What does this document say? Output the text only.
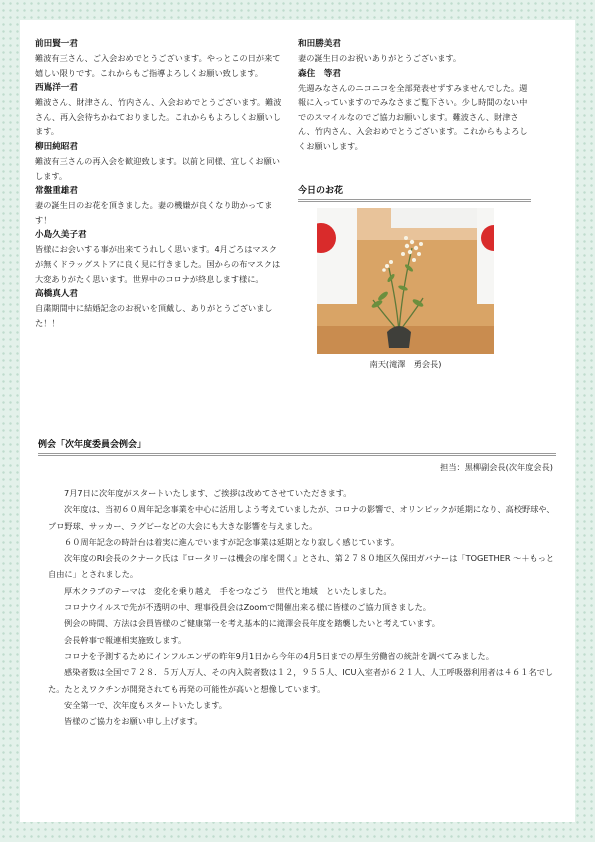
前田賢一君

難波有三さん、ご入会おめでとうございます。やっとこの日が来て嬉しい限りです。これからもご指導よろしくお願い致します。

西嶌洋一君

難波さん、財津さん、竹内さん、入会おめでとうございます。難波さん、再入会待ちかねておりました。これからもよろしくお願いします。

柳田純昭君

難波有三さんの再入会を歓迎致します。以前と同様、宜しくお願いします。

常盤重雄君

妻の誕生日のお花を頂きました。妻の機嫌が良くなり助かってます！

小島久美子君

皆様にお会いする事が出来てうれしく思います。4月ごろはマスクが無くドラッグストアに良く見に行きました。国からの布マスクは大変ありがたく思います。世界中のコロナが終息します様に。

高橋真人君

自粛期間中に結婚記念のお祝いを頂戴し、ありがとうございました！！

和田勝美君

妻の誕生日のお祝いありがとうございます。

森住　等君

先週みなさんのニコニコを全部発表せずすみませんでした。週報に入っていますのでみなさまご覧下さい。少し時間のない中でのスマイルなのでご協力お願いします。難波さん、財津さん、竹内さん、入会おめでとうございます。これからもよろしくお願いします。

今日のお花
南天(滝澤　勇会長)
例会「次年度委員会例会」
担当：黒柳副会長(次年度会長)

7月7日に次年度がスタートいたします、ご挨拶は改めてさせていただきます。

次年度は、当初６０周年記念事業を中心に活用しよう考えていましたが、コロナの影響で、オリンピックが延期になり、高校野球や、プロ野球、サッカー、ラグビーなどの大会にも大きな影響を与えました。

６０周年記念の時計台は着実に進んでいますが記念事業は延期となり寂しく感じています。

次年度のRI会長のクナーク氏は『ロータリーは機会の扉を開く』とされ、第２７８０地区久保田ガバナーは「TOGETHER ～＋もっと自由に」とされました。

厚木クラブのテーマは　変化を乗り越え　手をつなごう　世代と地域　といたしました。

コロナウイルスで先が不透明の中、理事役員会はZoomで開催出来る様に皆様のご協力頂きました。

例会の時間、方法は会員皆様のご健康第一を考え基本的に滝澤会長年度を踏襲したいと考えています。

会長幹事で報連相実施致します。

コロナを予測するためにインフルエンザの昨年9月1日から今年の4月5日までの厚生労働省の統計を調べてみました。

感染者数は全国で７２８．５万人万人、その内入院者数は１２，９５５人、ICU入室者が６２１人、人工呼吸器利用者は４６１名でした。たとえワクチンが開発されても再発の可能性が高いと想像しています。

安全第一で、次年度もスタートいたします。

皆様のご協力をお願い申し上げます。
